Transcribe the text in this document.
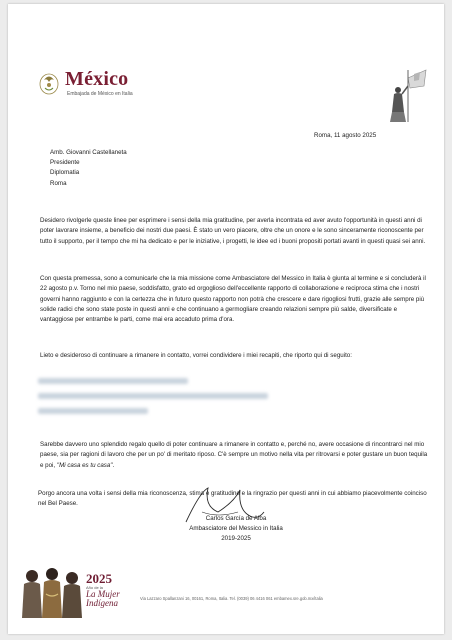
México
Embajada de México en Italia
Roma, 11 agosto 2025
Amb. Giovanni Castellaneta
Presidente
Diplomatia
Roma
Desidero rivolgerle queste linee per esprimere i sensi della mia gratitudine, per averla incontrata ed aver avuto l'opportunità in questi anni di poter lavorare insieme, a beneficio dei nostri due paesi. È stato un vero piacere, oltre che un onore e le sono sinceramente riconoscente per tutto il supporto, per il tempo che mi ha dedicato e per le iniziative, i progetti, le idee ed i buoni propositi portati avanti in questi quasi sei anni.
Con questa premessa, sono a comunicarle che la mia missione come Ambasciatore del Messico in Italia è giunta al termine e si concluderà il 22 agosto p.v. Torno nel mio paese, soddisfatto, grato ed orgoglioso dell'eccellente rapporto di collaborazione e reciproca stima che i nostri governi hanno raggiunto e con la certezza che in futuro questo rapporto non potrà che crescere e dare rigogliosi frutti, grazie alle sempre più solide radici che sono state poste in questi anni e che continuano a germogliare creando relazioni sempre più salde, diversificate e vantaggiose per entrambe le parti, come mai era accaduto prima d'ora.
Lieto e desideroso di continuare a rimanere in contatto, vorrei condividere i miei recapiti, che riporto qui di seguito:
Sarebbe davvero uno splendido regalo quello di poter continuare a rimanere in contatto e, perché no, avere occasione di rincontrarci nel mio paese, sia per ragioni di lavoro che per un po' di meritato riposo. C'è sempre un motivo nella vita per ritrovarsi e poter gustare un buon tequila e poi, "Mi casa es tu casa".
Porgo ancora una volta i sensi della mia riconoscenza, stima e gratitudine e la ringrazio per questi anni in cui abbiamo piacevolmente coinciso nel Bel Paese.
Carlos García de Alba
Ambasciatore del Messico in Italia
2019-2025
2025
Año de la
La Mujer Indígena	Via Lazzaro Spallanzani 16, 00161, Roma, Italia. Tel. (0039) 06 4416 061 embamex.sre.gob.mx/italia
